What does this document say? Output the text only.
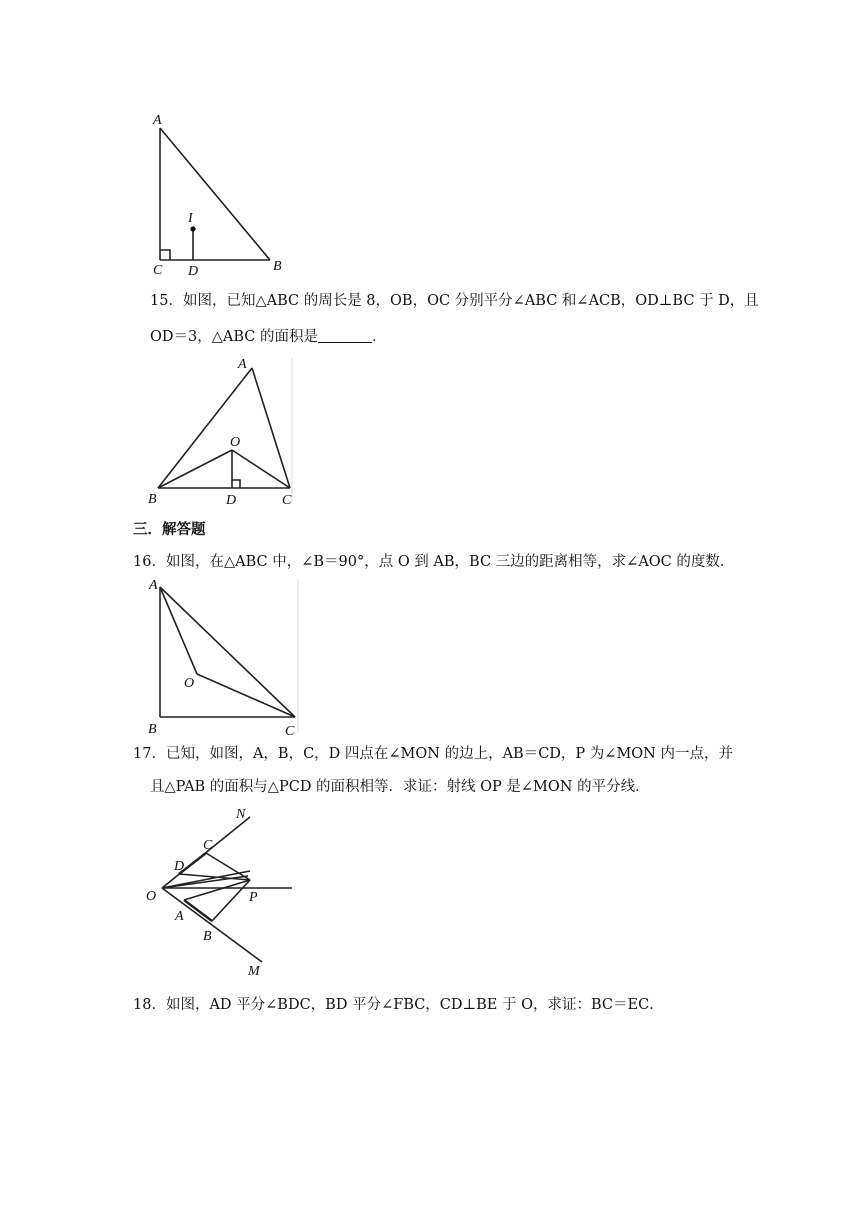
A
I
C D	B
15．如图，已知△ABC 的周长是 8，OB，OC 分别平分∠ABC 和∠ACB，OD⊥BC 于 D，且
OD＝3，△ABC 的面积是	．
A
O
B	D	C
三．解答题
16．如图，在△ABC 中，∠B＝90°，点 O 到 AB，BC 三边的距离相等，求∠AOC 的度数．
A
O
B	C
17．已知，如图，A，B，C，D 四点在∠MON 的边上，AB＝CD，P 为∠MON 内一点，并
且△PAB 的面积与△PCD 的面积相等．求证：射线 OP 是∠MON 的平分线．
N
C
D
O	P
A
B
M
18．如图，AD 平分∠BDC，BD 平分∠FBC，CD⊥BE 于 O，求证：BC＝EC．
